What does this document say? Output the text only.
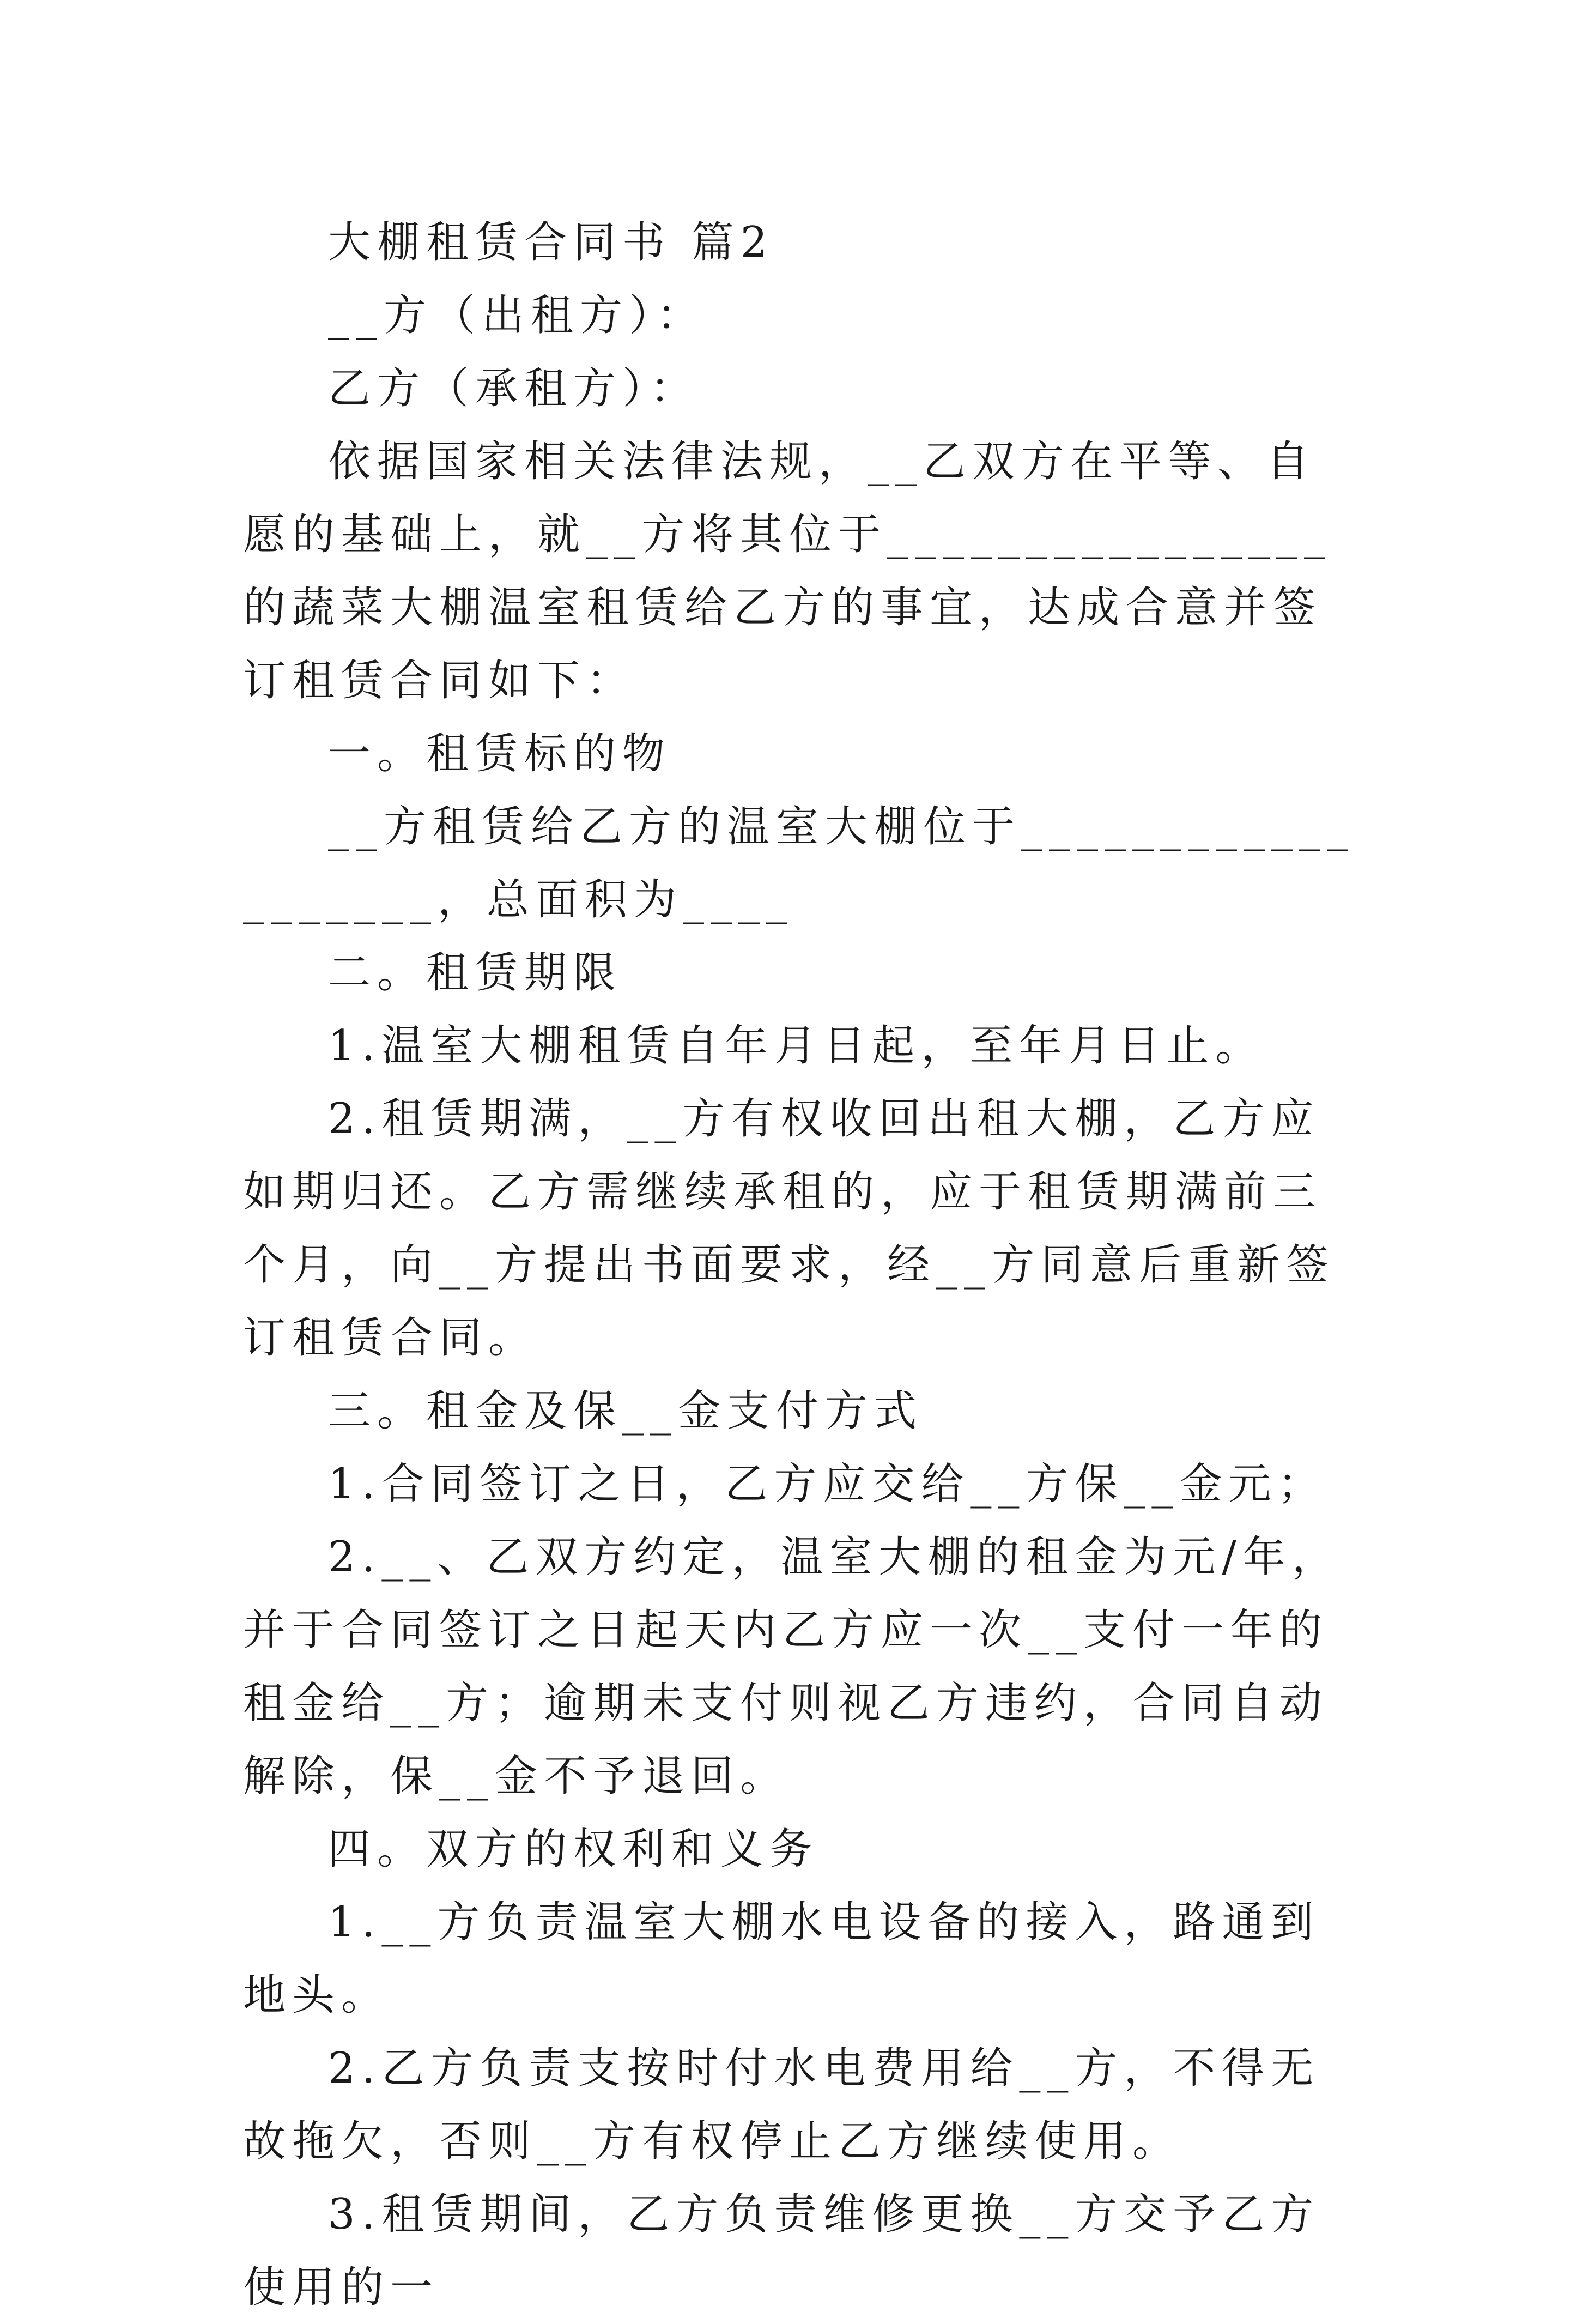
大棚租赁合同书 篇2

__方（出租方）：

乙方（承租方）：

依据国家相关法律法规，__乙双方在平等、自愿的基础上，就__方将其位于________________的蔬菜大棚温室租赁给乙方的事宜，达成合意并签订租赁合同如下：

一。租赁标的物

__方租赁给乙方的温室大棚位于___________________，总面积为____

二。租赁期限

1.温室大棚租赁自年月日起，至年月日止。

2.租赁期满，__方有权收回出租大棚，乙方应如期归还。乙方需继续承租的，应于租赁期满前三个月，向__方提出书面要求，经__方同意后重新签订租赁合同。

三。租金及保__金支付方式

1.合同签订之日，乙方应交给__方保__金元；

2.__、乙双方约定，温室大棚的租金为元/年，并于合同签订之日起天内乙方应一次__支付一年的租金给__方；逾期未支付则视乙方违约，合同自动解除，保__金不予退回。

四。双方的权利和义务

1.__方负责温室大棚水电设备的接入，路通到地头。

2.乙方负责支按时付水电费用给__方，不得无故拖欠，否则__方有权停止乙方继续使用。

3.租赁期间，乙方负责维修更换__方交予乙方使用的一
